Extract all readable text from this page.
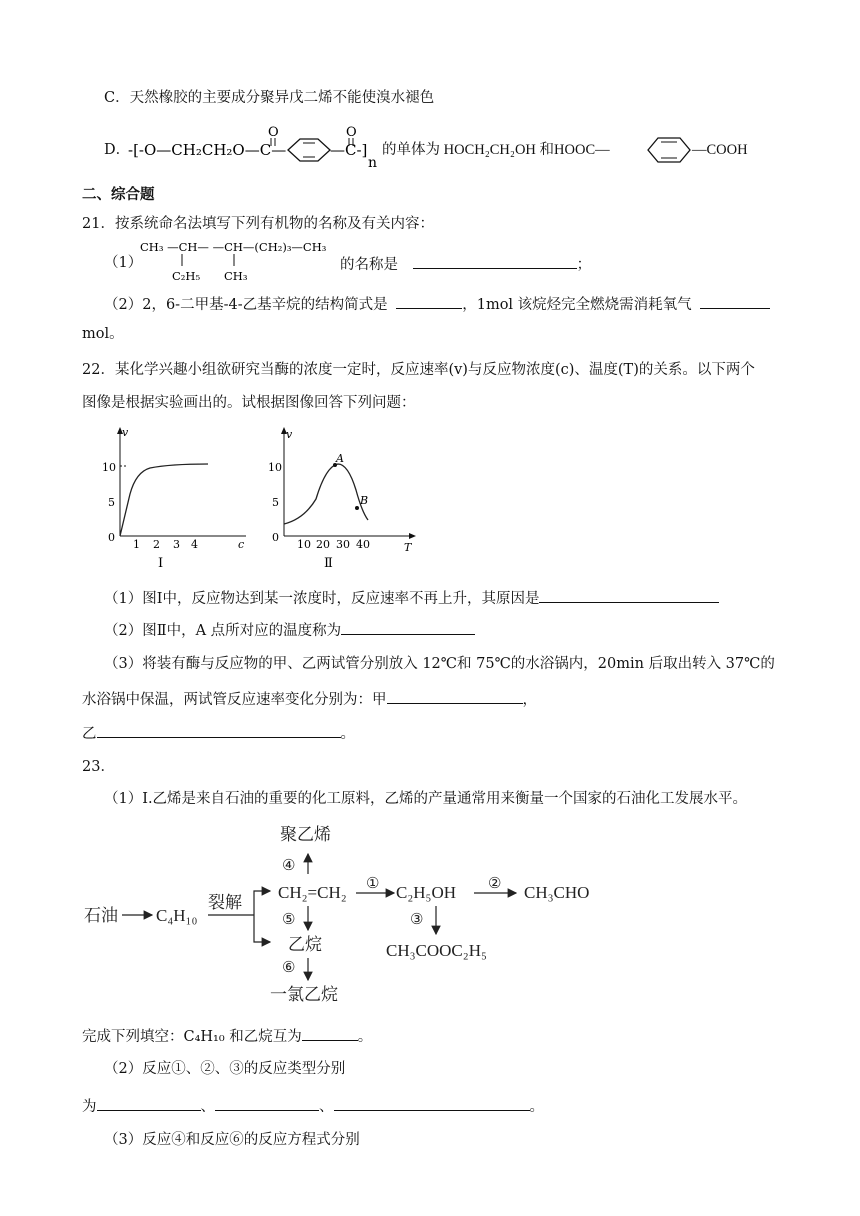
C．天然橡胶的主要成分聚异戊二烯不能使溴水褪色
D．
-[-O—CH₂CH₂O—C—
O
—C-]
O
n
的单体为 HOCH₂CH₂OH 和HOOC—	—COOH
二、综合题
21．按系统命名法填写下列有机物的名称及有关内容：
（1）
CH₃ —CH— —CH—(CH₂)₃—CH₃
C₂H₅ CH₃
的名称是	；
（2）2，6-二甲基-4-乙基辛烷的结构简式是	，1mol 该烷烃完全燃烧需消耗氧气
mol。
22．某化学兴趣小组欲研究当酶的浓度一定时，反应速率(v)与反应物浓度(c)、温度(T)的关系。以下两个
图像是根据实验画出的。试根据图像回答下列问题：
v
c
10
5
0
1 2 3 4
Ⅰ
v
T
10
5
0
10 20 30 40
A
B
Ⅱ
（1）图Ⅰ中，反应物达到某一浓度时，反应速率不再上升，其原因是
（2）图Ⅱ中，A 点所对应的温度称为
（3）将装有酶与反应物的甲、乙两试管分别放入 12℃和 75℃的水浴锅内，20min 后取出转入 37℃的
水浴锅中保温，两试管反应速率变化分别为：甲	，
乙	。
23．
（1）I.乙烯是来自石油的重要的化工原料，乙烯的产量通常用来衡量一个国家的石油化工发展水平。
石油 C₄H₁₀
裂解
CH₂=CH₂
聚乙烯
④
⑤
乙烷
⑥
一氯乙烷
① C₂H₅OH ② CH₃CHO
③
CH₃COOC₂H₅
完成下列填空：C₄H₁₀ 和乙烷互为	。
（2）反应①、②、③的反应类型分别
为	、	、	。
（3）反应④和反应⑥的反应方程式分别
